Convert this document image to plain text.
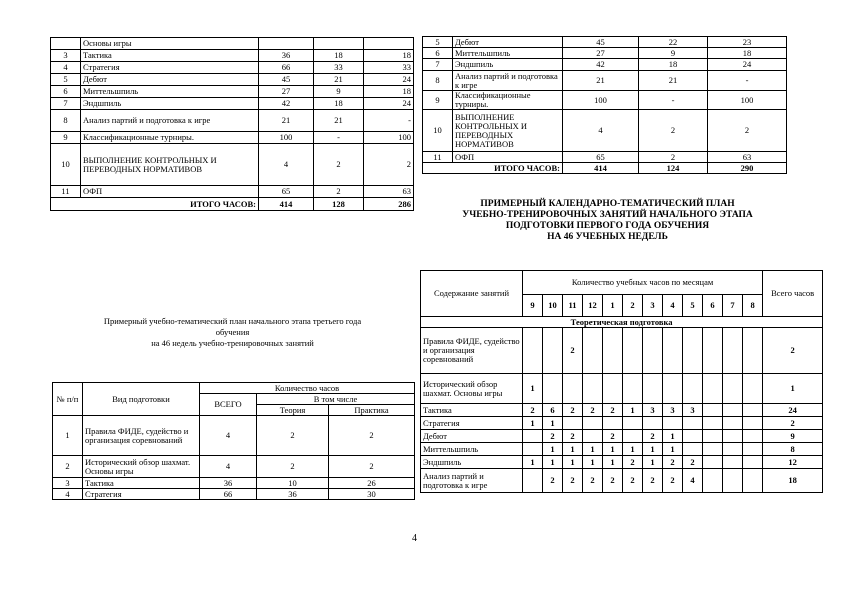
	Основы игры			
3	Тактика	36	18	18
4	Стратегия	66	33	33
5	Дебют	45	21	24
6	Миттельшпиль	27	9	18
7	Эндшпиль	42	18	24
8	Анализ партий и подготовка к игре	21	21	-
9	Классификационные турниры.	100	-	100
10	ВЫПОЛНЕНИЕ КОНТРОЛЬНЫХ И ПЕРЕВОДНЫХ НОРМАТИВОВ	4	2	2
11	ОФП	65	2	63
ИТОГО ЧАСОВ:		414	128	286
5	Дебют	45	22	23
6	Миттельшпиль	27	9	18
7	Эндшпиль	42	18	24
8	Анализ партий и подготовка к игре	21	21	-
9	Классификационные турниры.	100	-	100
10	ВЫПОЛНЕНИЕ КОНТРОЛЬНЫХ И ПЕРЕВОДНЫХ НОРМАТИВОВ	4	2	2
11	ОФП	65	2	63
ИТОГО ЧАСОВ:		414	124	290
ПРИМЕРНЫЙ КАЛЕНДАРНО-ТЕМАТИЧЕСКИЙ ПЛАН
УЧЕБНО-ТРЕНИРОВОЧНЫХ ЗАНЯТИЙ НАЧАЛЬНОГО ЭТАПА
ПОДГОТОВКИ ПЕРВОГО ГОДА ОБУЧЕНИЯ
НА 46 УЧЕБНЫХ НЕДЕЛЬ
Примерный учебно-тематический план начального этапа третьего года
обучения
на 46 недель учебно-тренировочных занятий
№ п/п	Вид подготовки	Количество часов		
		ВСЕГО	В том числе	
			Теория	Практика
1	Правила ФИДЕ, судейство и организация соревнований	4	2	2
2	Исторический обзор шахмат. Основы игры	4	2	2
3	Тактика	36	10	26
4	Стратегия	66	36	30
Содержание занятий	Количество учебных часов по месяцам												Всего часов
	9	10	11	12	1	2	3	4	5	6	7	8	
Теоретическая подготовка													
Правила ФИДЕ, судейство и организация соревнований			2										2
Исторический обзор шахмат. Основы игры	1												1
Тактика	2	6	2	2	2	1	3	3	3				24
Стратегия	1	1											2
Дебют		2	2		2		2	1					9
Миттельшпиль		1	1	1	1	1	1	1					8
Эндшпиль	1	1	1	1	1	2	1	2	2				12
Анализ партий и подготовка к игре		2	2	2	2	2	2	2	4				18
4
